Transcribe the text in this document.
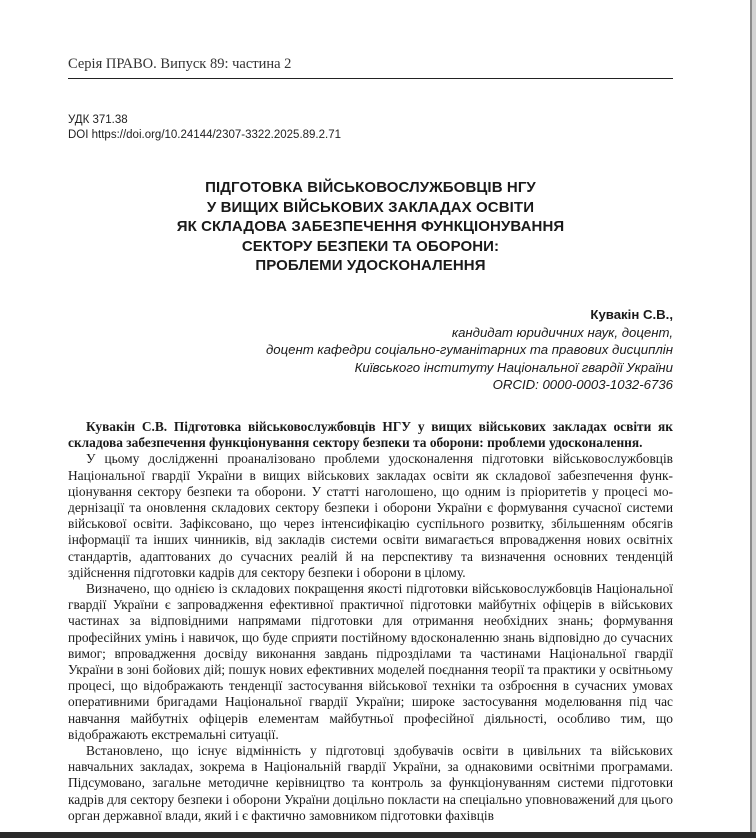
Серія ПРАВО. Випуск 89: частина 2
УДК 371.38
DOI https://doi.org/10.24144/2307-3322.2025.89.2.71
ПІДГОТОВКА ВІЙСЬКОВОСЛУЖБОВЦІВ НГУ
У ВИЩИХ ВІЙСЬКОВИХ ЗАКЛАДАХ ОСВІТИ
ЯК СКЛАДОВА ЗАБЕЗПЕЧЕННЯ ФУНКЦІОНУВАННЯ
СЕКТОРУ БЕЗПЕКИ ТА ОБОРОНИ:
ПРОБЛЕМИ УДОСКОНАЛЕННЯ
Кувакін С.В.,
кандидат юридичних наук, доцент,
доцент кафедри соціально-гуманітарних та правових дисциплін
Київського інституту Національної гвардії України
ORCID: 0000-0003-1032-6736

Кувакін С.В. Підготовка військовослужбовців НГУ у вищих військових закладах освіти як складова забезпечення функціонування сектору безпеки та оборони: проблеми удосконалення.

У цьому дослідженні проаналізовано проблеми удосконалення підготовки військовослужбовців Національної гвардії України в вищих військових закладах освіти як складової забезпечення функціонування сектору безпеки та оборони. У статті наголошено, що одним із пріоритетів у процесі модернізації та оновлення складових сектору безпеки і оборони України є формування сучасної системи військової освіти. Зафіксовано, що через інтенсифікацію суспільного розвитку, збільшенням обсягів інформації та інших чинників, від закладів системи освіти вимагається впровадження нових освітніх стандартів, адаптованих до сучасних реалій й на перспективу та визначення основних тенденцій здійснення підготовки кадрів для сектору безпеки і оборони в цілому.

Визначено, що однією із складових покращення якості підготовки військовослужбовців Національної гвардії України є запровадження ефективної практичної підготовки майбутніх офіцерів в військових частинах за відповідними напрямами підготовки для отримання необхідних знань; формування професійних умінь і навичок, що буде сприяти постійному вдосконаленню знань відповідно до сучасних вимог; впровадження досвіду виконання завдань підрозділами та частинами Національної гвардії України в зоні бойових дій; пошук нових ефективних моделей поєднання теорії та практики у освітньому процесі, що відображають тенденції застосування військової техніки та озброєння в сучасних умовах оперативними бригадами Національної гвардії України; широке застосування моделювання під час навчання майбутніх офіцерів елементам майбутньої професійної діяльності, особливо тим, що відображають екстремальні ситуації.

Встановлено, що існує відмінність у підготовці здобувачів освіти в цивільних та військових навчальних закладах, зокрема в Національній гвардії України, за однаковими освітніми програмами. Підсумовано, загальне методичне керівництво та контроль за функціонуванням системи підготовки кадрів для сектору безпеки і оборони України доцільно покласти на спеціально уповноважений для цього орган державної влади, який і є фактично замовником підготовки фахівців
